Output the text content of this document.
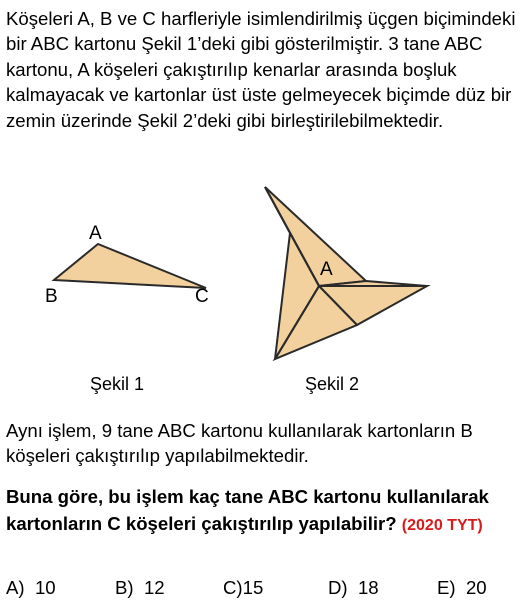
Köşeleri A, B ve C harfleriyle isimlendirilmiş üçgen biçimindeki bir ABC kartonu Şekil 1’deki gibi gösterilmiştir. 3 tane ABC kartonu, A köşeleri çakıştırılıp kenarlar arasında boşluk kalmayacak ve kartonlar üst üste gelmeyecek biçimde düz bir zemin üzerinde Şekil 2’deki gibi birleştirilebilmektedir.
A
B	C
Şekil 1
A
Şekil 2
Aynı işlem, 9 tane ABC kartonu kullanılarak kartonların B köşeleri çakıştırılıp yapılabilmektedir.
Buna göre, bu işlem kaç tane ABC kartonu kullanılarak kartonların C köşeleri çakıştırılıp yapılabilir? (2020 TYT)
A) 10	B) 12	C)15	D) 18	E) 20
